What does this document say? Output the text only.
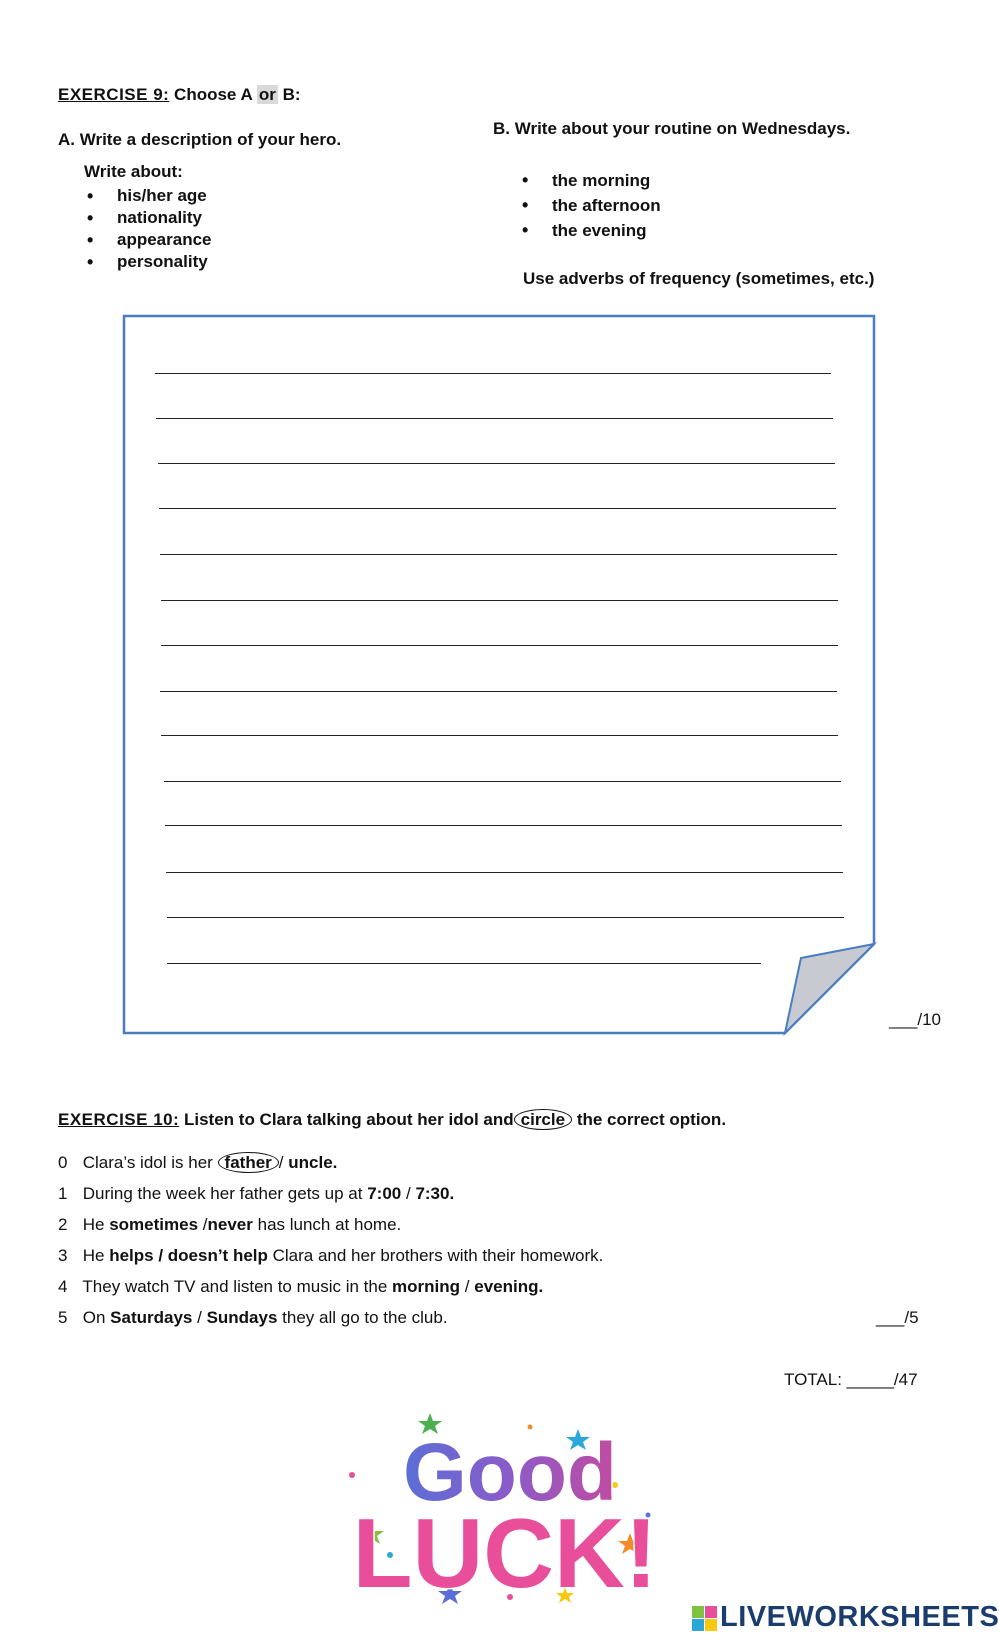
EXERCISE 9: Choose A or B:
A. Write a description of your hero.
Write about:
• his/her age
• nationality
• appearance
• personality
B. Write about your routine on Wednesdays.
• the morning
• the afternoon
• the evening
Use adverbs of frequency (sometimes, etc.)
___/10
EXERCISE 10: Listen to Clara talking about her idol and circle the correct option.
0 Clara’s idol is her father / uncle.
1 During the week her father gets up at 7:00 / 7:30.
2 He sometimes /never has lunch at home.
3 He helps / doesn’t help Clara and her brothers with their homework.
4 They watch TV and listen to music in the morning / evening.
5 On Saturdays / Sundays they all go to the club.	___/5
TOTAL: _____/47
Good
LUCK!
LIVEWORKSHEETS
